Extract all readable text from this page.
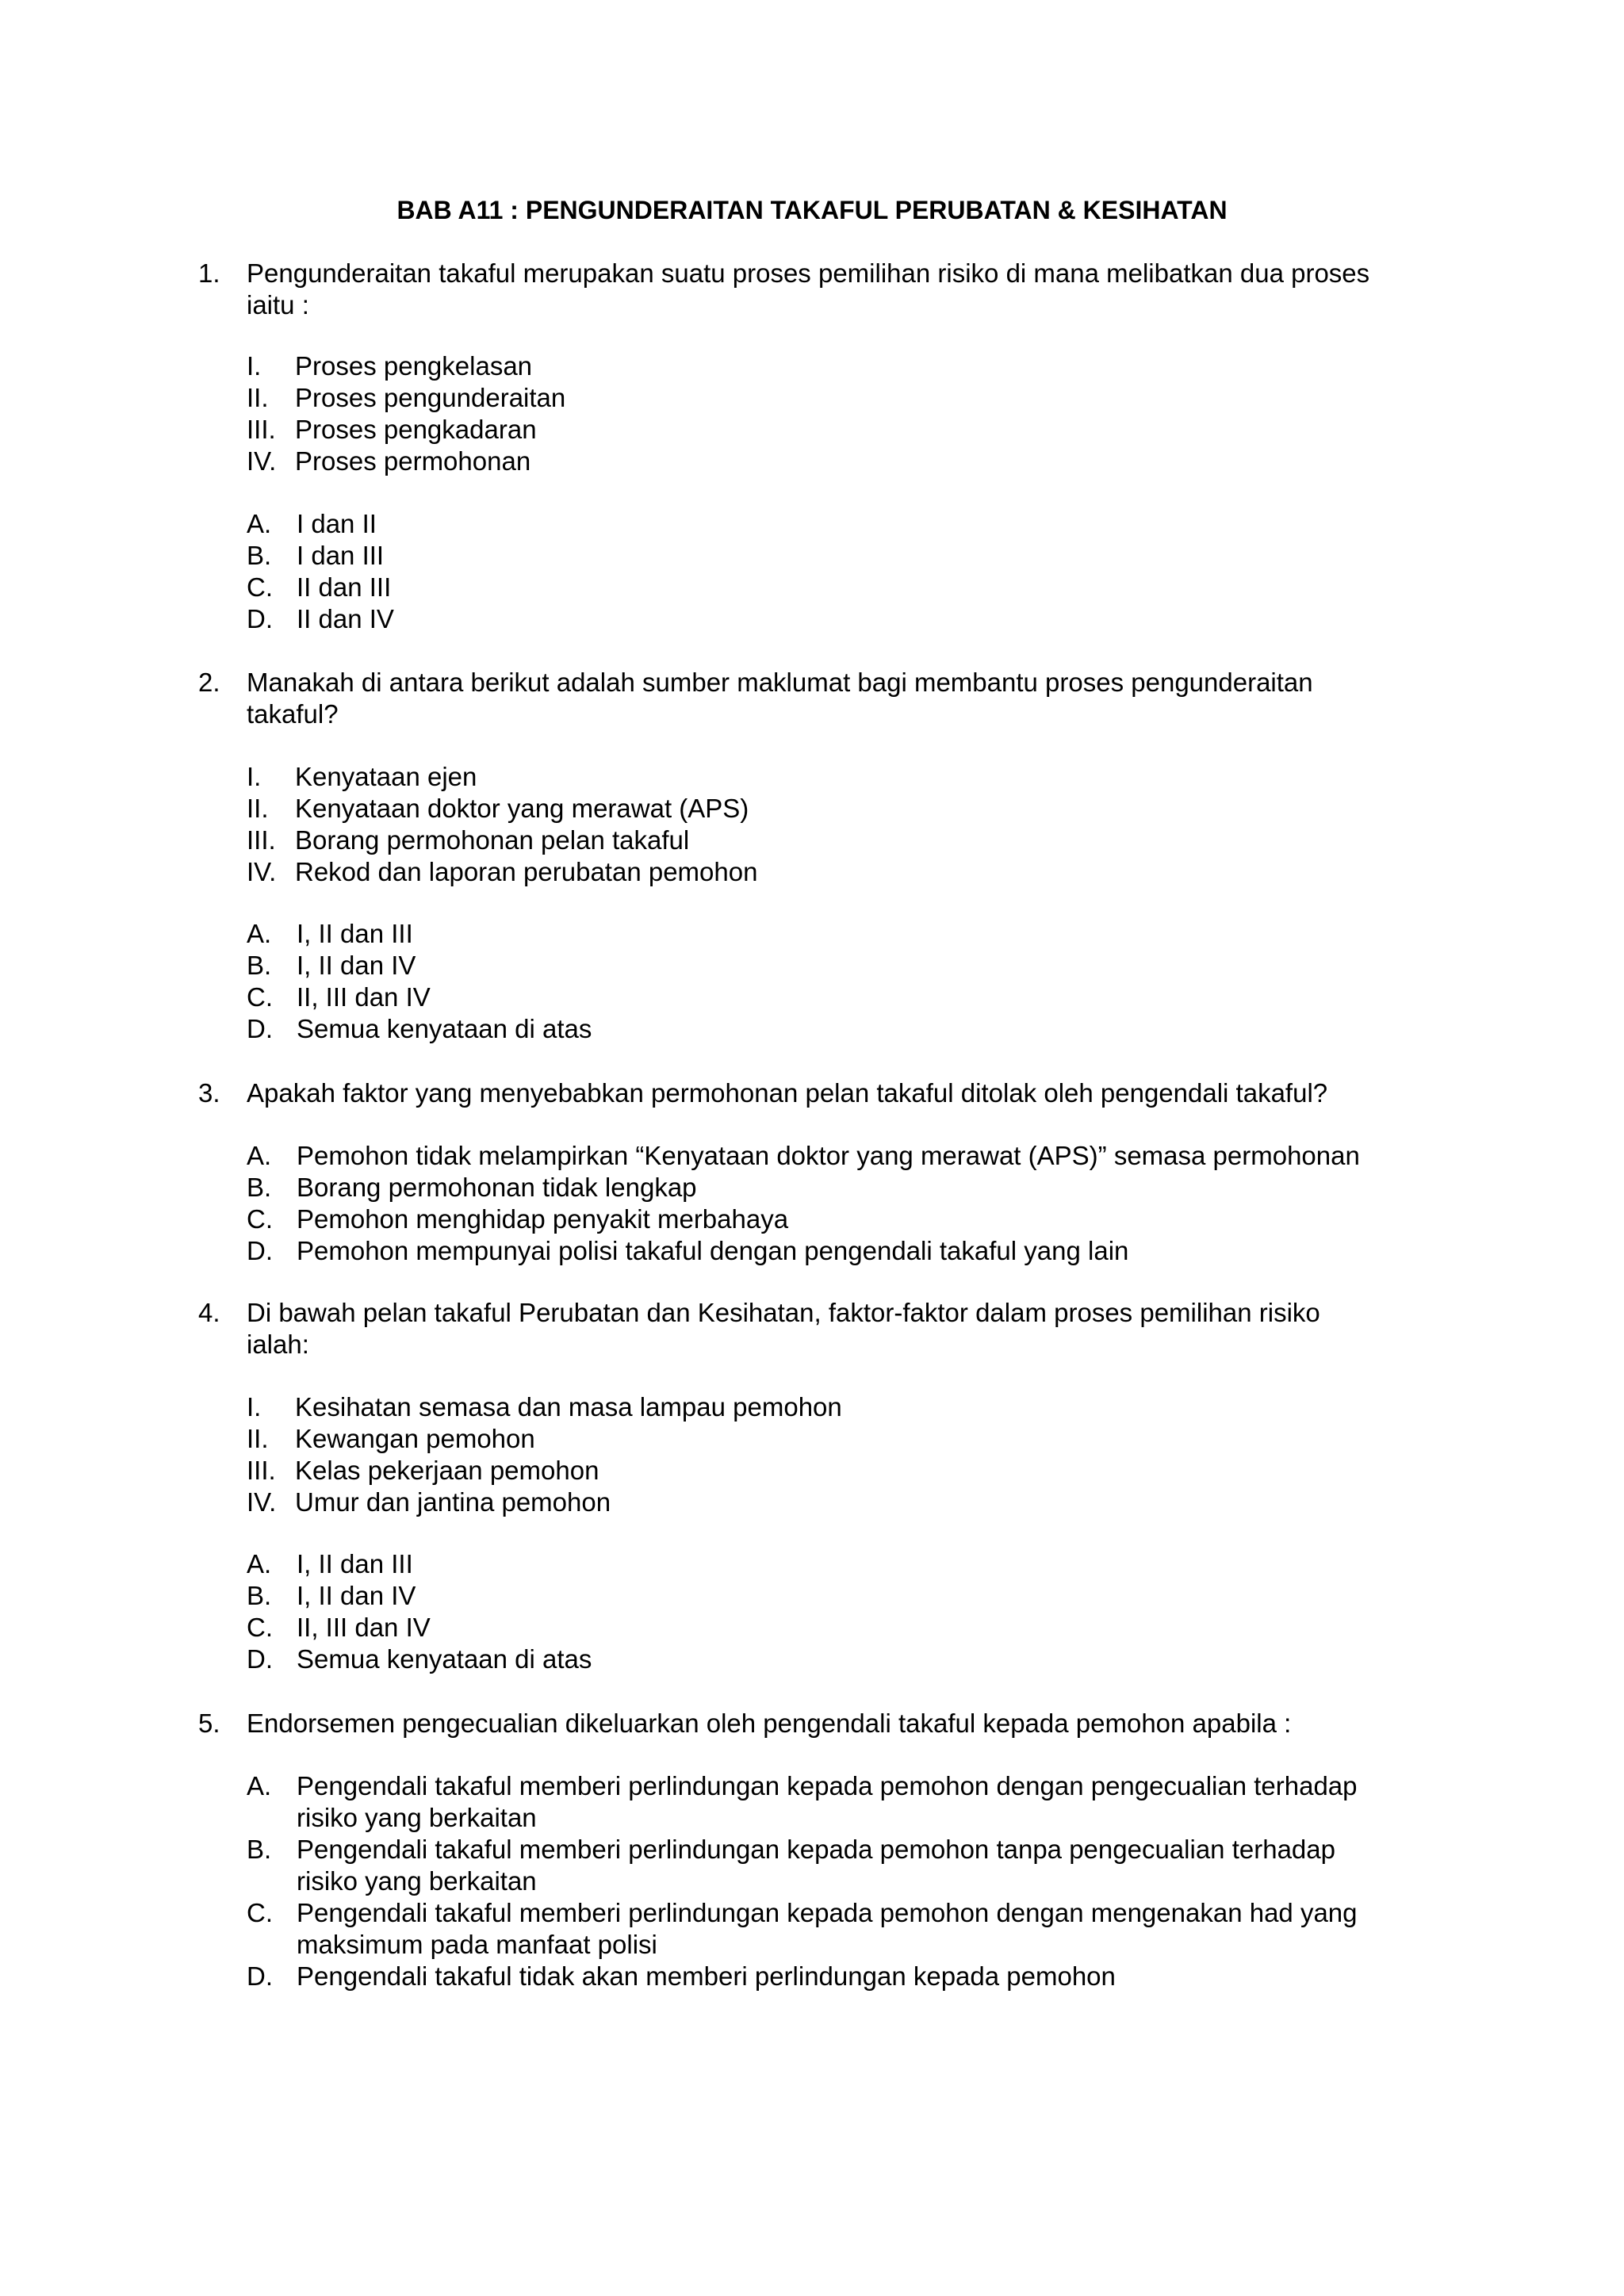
BAB A11 : PENGUNDERAITAN TAKAFUL PERUBATAN & KESIHATAN
1. Pengunderaitan takaful merupakan suatu proses pemilihan risiko di mana melibatkan dua proses
iaitu :
I. Proses pengkelasan
II. Proses pengunderaitan
III. Proses pengkadaran
IV. Proses permohonan
A. I dan II
B. I dan III
C. II dan III
D. II dan IV
2. Manakah di antara berikut adalah sumber maklumat bagi membantu proses pengunderaitan
takaful?
I. Kenyataan ejen
II. Kenyataan doktor yang merawat (APS)
III. Borang permohonan pelan takaful
IV. Rekod dan laporan perubatan pemohon
A. I, II dan III
B. I, II dan IV
C. II, III dan IV
D. Semua kenyataan di atas
3. Apakah faktor yang menyebabkan permohonan pelan takaful ditolak oleh pengendali takaful?
A. Pemohon tidak melampirkan “Kenyataan doktor yang merawat (APS)” semasa permohonan
B. Borang permohonan tidak lengkap
C. Pemohon menghidap penyakit merbahaya
D. Pemohon mempunyai polisi takaful dengan pengendali takaful yang lain
4. Di bawah pelan takaful Perubatan dan Kesihatan, faktor-faktor dalam proses pemilihan risiko
ialah:
I. Kesihatan semasa dan masa lampau pemohon
II. Kewangan pemohon
III. Kelas pekerjaan pemohon
IV. Umur dan jantina pemohon
A. I, II dan III
B. I, II dan IV
C. II, III dan IV
D. Semua kenyataan di atas
5. Endorsemen pengecualian dikeluarkan oleh pengendali takaful kepada pemohon apabila :
A. Pengendali takaful memberi perlindungan kepada pemohon dengan pengecualian terhadap
risiko yang berkaitan
B. Pengendali takaful memberi perlindungan kepada pemohon tanpa pengecualian terhadap
risiko yang berkaitan
C. Pengendali takaful memberi perlindungan kepada pemohon dengan mengenakan had yang
maksimum pada manfaat polisi
D. Pengendali takaful tidak akan memberi perlindungan kepada pemohon
